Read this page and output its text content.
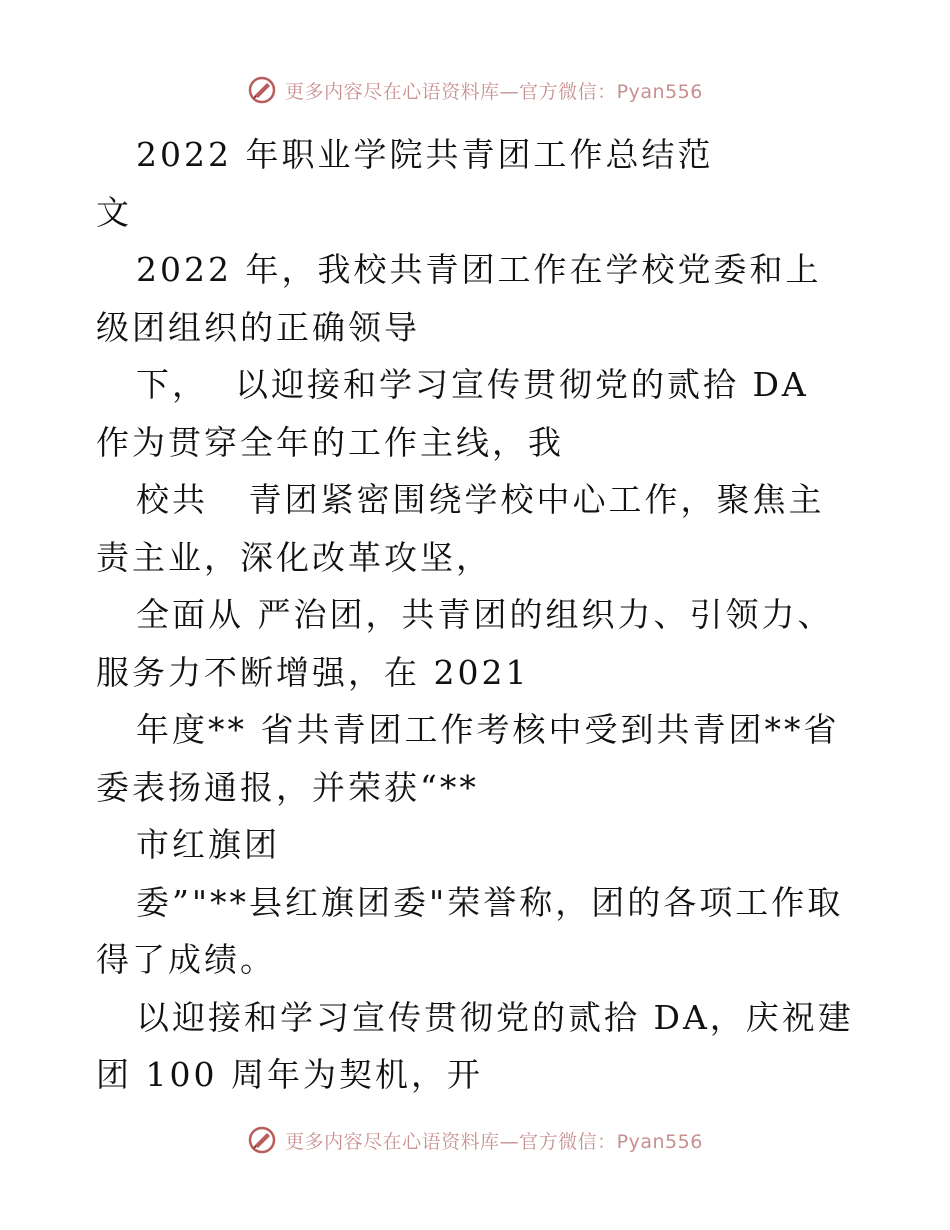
更多内容尽在心语资料库—官方微信：Pyan556

2022 年职业学院共青团工作总结范
文

2022 年，我校共青团工作在学校党委和上级团组织的正确领导

下，  以迎接和学习宣传贯彻党的贰拾 DA 作为贯穿全年的工作主线，我

校共   青团紧密围绕学校中心工作，聚焦主责主业，深化改革攻坚，

全面从 严治团，共青团的组织力、引领力、服务力不断增强，在 2021

年度** 省共青团工作考核中受到共青团**省委表扬通报，并荣获“**

市红旗团

委”"**县红旗团委"荣誉称，团的各项工作取得了成绩。

以迎接和学习宣传贯彻党的贰拾 DA，庆祝建团 100 周年为契机，开

更多内容尽在心语资料库—官方微信：Pyan556
